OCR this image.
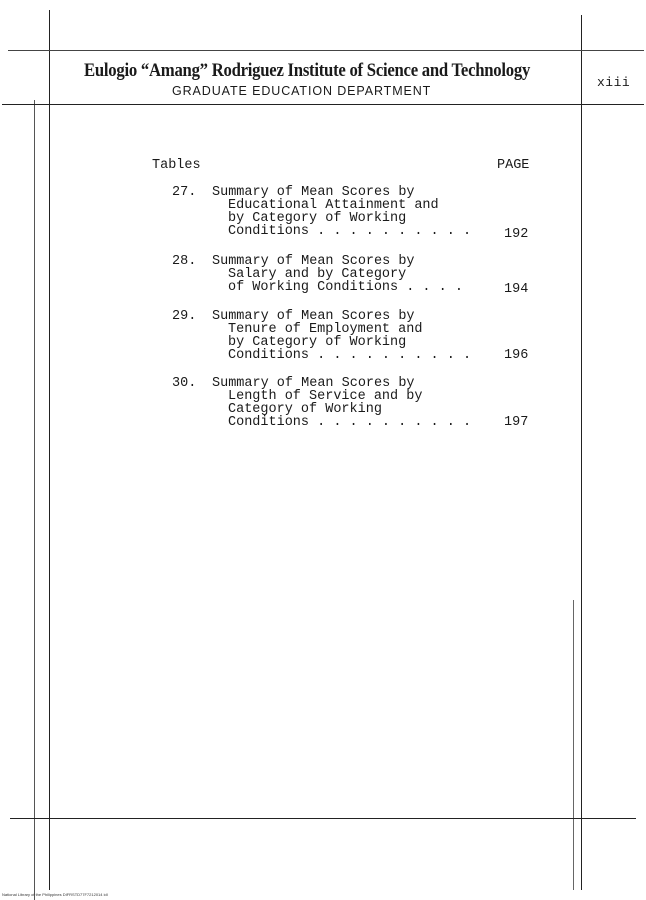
Eulogio “Amang” Rodriguez Institute of Science and Technology
GRADUATE EDUCATION DEPARTMENT
xiii
Tables	PAGE
27. Summary of Mean Scores by
Educational Attainment and
by Category of Working
Conditions . . . . . . . . . .	192
28. Summary of Mean Scores by
Salary and by Category
of Working Conditions . . . .	194
29. Summary of Mean Scores by
Tenure of Employment and
by Category of Working
Conditions . . . . . . . . . .	196
30. Summary of Mean Scores by
Length of Service and by
Category of Working
Conditions . . . . . . . . . .	197
National Library of the Philippines DIFRSTD77F7212014 idl
